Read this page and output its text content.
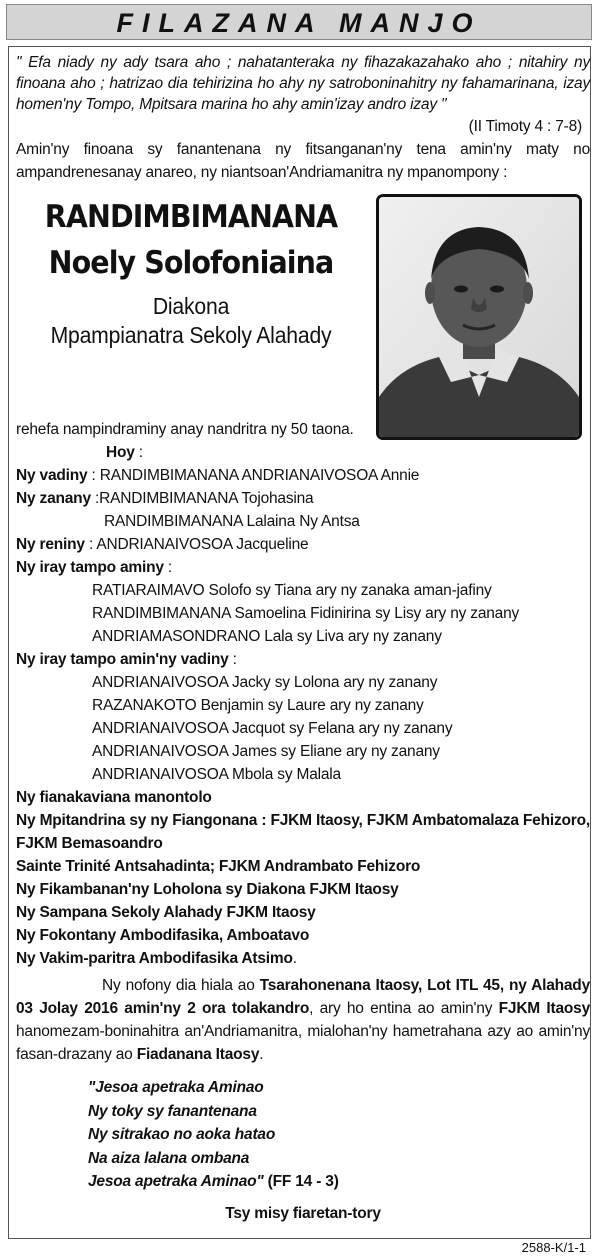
FILAZANA MANJO
" Efa niady ny ady tsara aho ; nahatanteraka ny fihazakazahako aho ; nitahiry ny finoana aho ; hatrizao dia tehirizina ho ahy ny satroboninahitry ny fahamarinana, izay homen'ny Tompo, Mpitsara marina ho ahy amin'izay andro izay "
(II Timoty 4 : 7-8)
Amin'ny finoana sy fanantenana ny fitsanganan'ny tena amin'ny maty no ampandrenesanay anareo, ny niantsoan'Andriamanitra ny mpanompony :
RANDIMBIMANANA
Noely Solofoniaina
Diakona
Mpampianatra Sekoly Alahady
rehefa nampindraminy anay nandritra ny 50 taona.
Hoy :
Ny vadiny : RANDIMBIMANANA ANDRIANAIVOSOA Annie
Ny zanany :RANDIMBIMANANA Tojohasina
RANDIMBIMANANA Lalaina Ny Antsa
Ny reniny : ANDRIANAIVOSOA Jacqueline
Ny iray tampo aminy :
RATIARAIMAVO Solofo sy Tiana ary ny zanaka aman-jafiny
RANDIMBIMANANA Samoelina Fidinirina sy Lisy ary ny zanany
ANDRIAMASONDRANO Lala sy Liva ary ny zanany
Ny iray tampo amin'ny vadiny :
ANDRIANAIVOSOA Jacky sy Lolona ary ny zanany
RAZANAKOTO Benjamin sy Laure ary ny zanany
ANDRIANAIVOSOA Jacquot sy Felana ary ny zanany
ANDRIANAIVOSOA James sy Eliane ary ny zanany
ANDRIANAIVOSOA Mbola sy Malala
Ny fianakaviana manontolo
Ny Mpitandrina sy ny Fiangonana : FJKM Itaosy, FJKM Ambatomalaza Fehizoro, FJKM Bemasoandro
Sainte Trinité Antsahadinta; FJKM Andrambato Fehizoro
Ny Fikambanan'ny Loholona sy Diakona FJKM Itaosy
Ny Sampana Sekoly Alahady FJKM Itaosy
Ny Fokontany Ambodifasika, Amboatavo
Ny Vakim-paritra Ambodifasika Atsimo.
Ny nofony dia hiala ao Tsarahonenana Itaosy, Lot ITL 45, ny Alahady 03 Jolay 2016 amin'ny 2 ora tolakandro, ary ho entina ao amin'ny FJKM Itaosy hanomezam-boninahitra an'Andriamanitra, mialohan'ny hametrahana azy ao amin'ny fasan-drazany ao Fiadanana Itaosy.
"Jesoa apetraka Aminao
Ny toky sy fanantenana
Ny sitrakao no aoka hatao
Na aiza lalana ombana
Jesoa apetraka Aminao" (FF 14 - 3)
Tsy misy fiaretan-tory
2588-K/1-1
